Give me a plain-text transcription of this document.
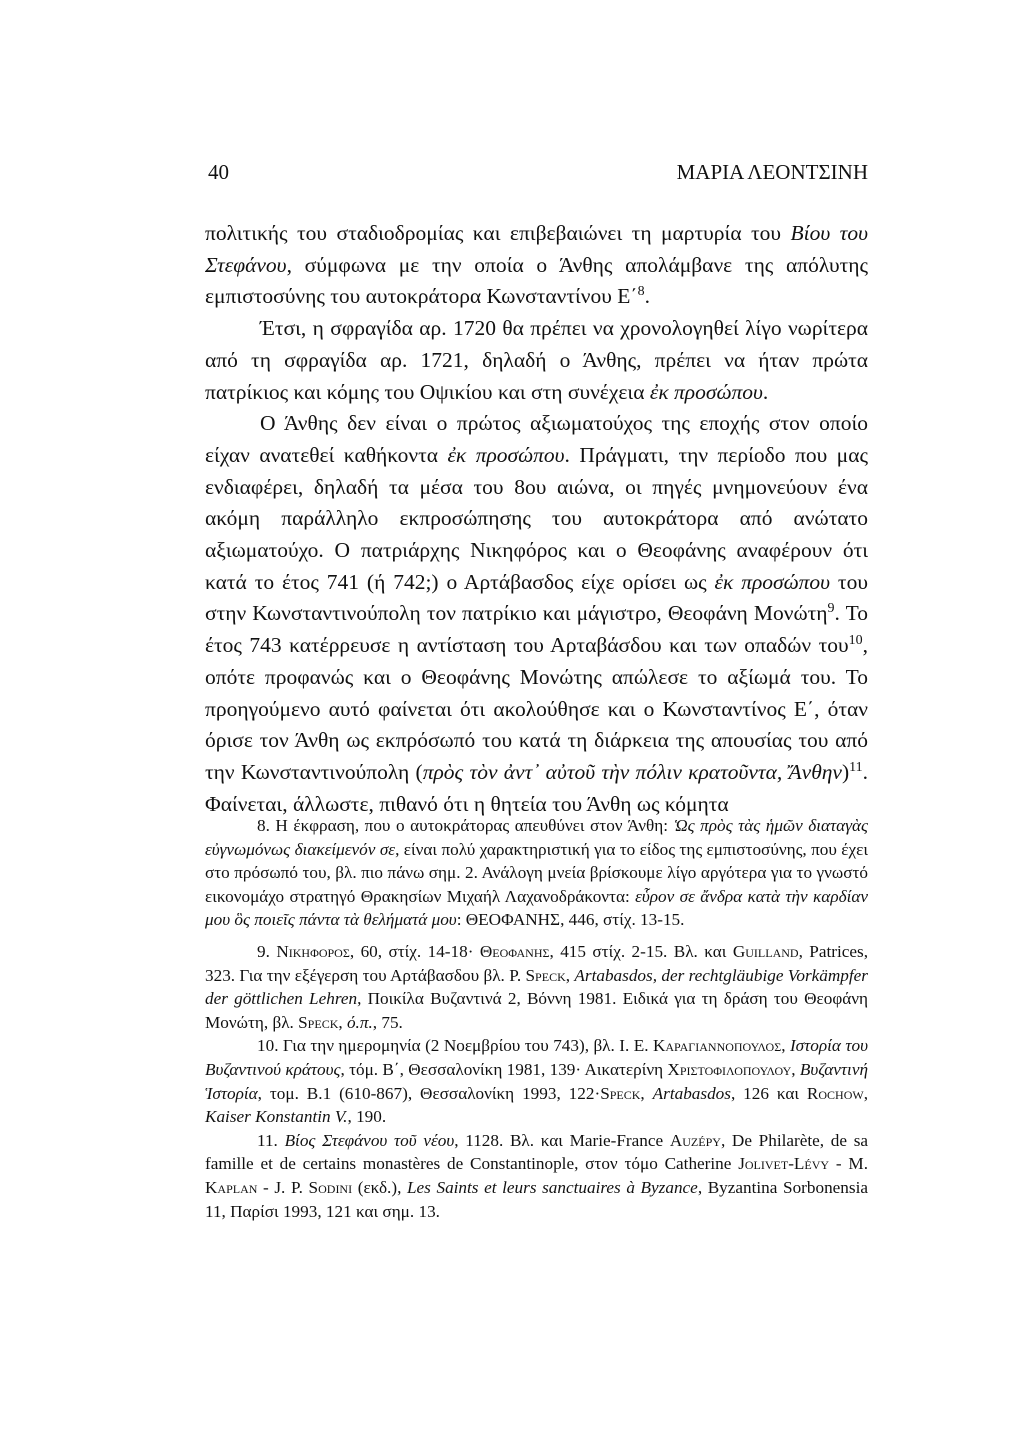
40	ΜΑΡΙΑ ΛΕΟΝΤΣΙΝΗ

πολιτικής του σταδιοδρομίας και επιβεβαιώνει τη μαρτυρία του Βίου του Στεφάνου, σύμφωνα με την οποία ο Άνθης απολάμβανε της απόλυτης εμπιστοσύνης του αυτοκράτορα Κωνσταντίνου Ε΄$^8$.

Έτσι, η σφραγίδα αρ. 1720 θα πρέπει να χρονολογηθεί λίγο νωρίτερα από τη σφραγίδα αρ. 1721, δηλαδή ο Άνθης, πρέπει να ήταν πρώτα πατρίκιος και κόμης του Οψικίου και στη συνέχεια ἐκ προσώπου.

Ο Άνθης δεν είναι ο πρώτος αξιωματούχος της εποχής στον οποίο είχαν ανατεθεί καθήκοντα ἐκ προσώπου. Πράγματι, την περίοδο που μας ενδιαφέρει, δηλαδή τα μέσα του 8ου αιώνα, οι πηγές μνημονεύουν ένα ακόμη παράλληλο εκπροσώπησης του αυτοκράτορα από ανώτατο αξιωματούχο. Ο πατριάρχης Νικηφόρος και ο Θεοφάνης αναφέρουν ότι κατά το έτος 741 (ή 742;) ο Αρτάβασδος είχε ορίσει ως ἐκ προσώπου του στην Κωνσταντινούπολη τον πατρίκιο και μάγιστρο, Θεοφάνη Μονώτη$^9$. Το έτος 743 κατέρρευσε η αντίσταση του Αρταβάσδου και των οπαδών του$^{10}$, οπότε προφανώς και ο Θεοφάνης Μονώτης απώλεσε το αξίωμά του. Το προηγούμενο αυτό φαίνεται ότι ακολούθησε και ο Κωνσταντίνος Ε΄, όταν όρισε τον Άνθη ως εκπρόσωπό του κατά τη διάρκεια της απουσίας του από την Κωνσταντινούπολη (πρὸς τὸν ἀντ᾽ αὐτοῦ τὴν πόλιν κρατοῦντα, Ἄνθην)$^{11}$. Φαίνεται, άλλωστε, πιθανό ότι η θητεία του Άνθη ως κόμητα

8. Η έκφραση, που ο αυτοκράτορας απευθύνει στον Άνθη: Ὡς πρὸς τὰς ἡμῶν διαταγὰς εὐγνωμόνως διακείμενόν σε, είναι πολύ χαρακτηριστική για το είδος της εμπιστοσύνης, που έχει στο πρόσωπό του, βλ. πιο πάνω σημ. 2. Ανάλογη μνεία βρίσκουμε λίγο αργότερα για το γνωστό εικονομάχο στρατηγό Θρακησίων Μιχαήλ Λαχανοδράκοντα: εὗρον σε ἄνδρα κατὰ τὴν καρδίαν μου ὃς ποιεῖς πάντα τὰ θελήματά μου: ΘΕΟΦΑΝΗΣ, 446, στίχ. 13-15.

9. Νικηφορος, 60, στίχ. 14-18· Θεοφανης, 415 στίχ. 2-15. Βλ. και Guilland, Patrices, 323. Για την εξέγερση του Αρτάβασδου βλ. P. Speck, Artabasdos, der rechtgläubige Vorkämpfer der göttlichen Lehren, Ποικίλα Βυζαντινά 2, Βόννη 1981. Ειδικά για τη δράση του Θεοφάνη Μονώτη, βλ. Speck, ό.π., 75.

10. Για την ημερομηνία (2 Νοεμβρίου του 743), βλ. Ι. Ε. Καραγιαννοπουλος, Ιστορία του Βυζαντινού κράτους, τόμ. Β΄, Θεσσαλονίκη 1981, 139· Αικατερίνη Χριστοφιλοπουλου, Βυζαντινή Ἱστορία, τομ. Β.1 (610-867), Θεσσαλονίκη 1993, 122·Speck, Artabasdos, 126 και Rochow, Kaiser Konstantin V., 190.

11. Βίος Στεφάνου τοῦ νέου, 1128. Βλ. και Marie-France Auzépy, De Philarète, de sa famille et de certains monastères de Constantinople, στον τόμο Catherine Jolivet-Lévy - M. Kaplan - J. P. Sodini (εκδ.), Les Saints et leurs sanctuaires à Byzance, Byzantina Sorbonensia 11, Παρίσι 1993, 121 και σημ. 13.
